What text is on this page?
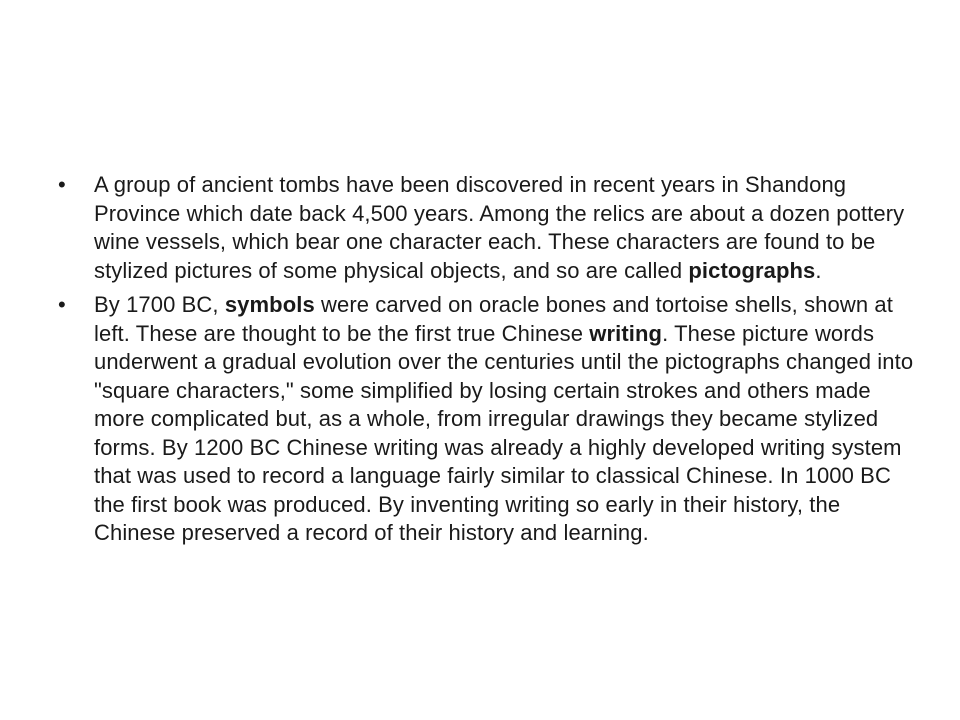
•	A group of ancient tombs have been discovered in recent years in Shandong Province which date back 4,500 years. Among the relics are about a dozen pottery wine vessels, which bear one character each. These characters are found to be stylized pictures of some physical objects, and so are called pictographs.
•	By 1700 BC, symbols were carved on oracle bones and tortoise shells, shown at left. These are thought to be the first true Chinese writing. These picture words underwent a gradual evolution over the centuries until the pictographs changed into "square characters," some simplified by losing certain strokes and others made more complicated but, as a whole, from irregular drawings they became stylized forms. By 1200 BC Chinese writing was already a highly developed writing system that was used to record a language fairly similar to classical Chinese. In 1000 BC the first book was produced. By inventing writing so early in their history, the Chinese preserved a record of their history and learning.
